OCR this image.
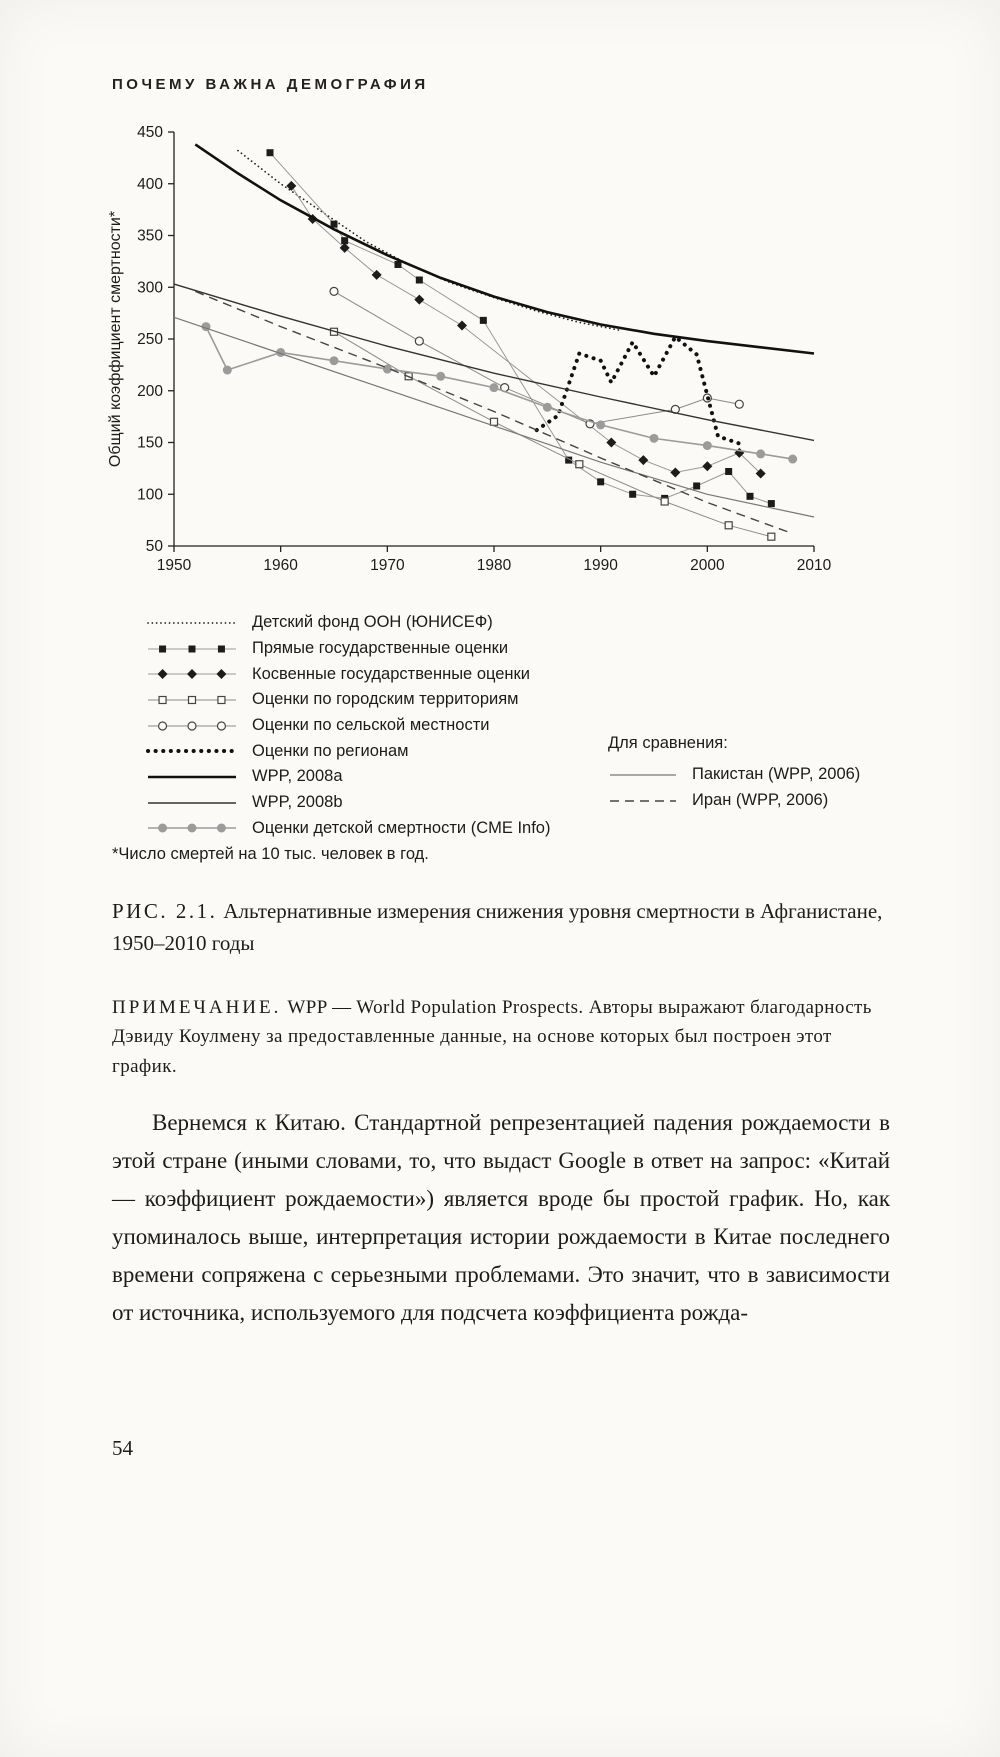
ПОЧЕМУ ВАЖНА ДЕМОГРАФИЯ
50
100
150
200
250
300
350
400
450
1950	1960	1970	1980	1990	2000	2010
Общий коэффициент смертности*
Детский фонд ООН (ЮНИСЕФ)
Прямые государственные оценки
Косвенные государственные оценки
Оценки по городским территориям
Оценки по сельской местности
Оценки по регионам
WPP, 2008a
WPP, 2008b
Оценки детской смертности (CME Info)
Для сравнения:
Пакистан (WPP, 2006)
Иран (WPP, 2006)
*Число смертей на 10 тыс. человек в год.
РИС. 2.1. Альтернативные измерения снижения уровня смертности в Афганистане, 1950–2010 годы
ПРИМЕЧАНИЕ. WPP — World Population Prospects. Авторы выражают благодарность Дэвиду Коулмену за предоставленные данные, на основе которых был построен этот график.

Вернемся к Китаю. Стандартной репрезентацией падения рождаемости в этой стране (иными словами, то, что выдаст Google в ответ на запрос: «Китай — коэффициент рождаемости») является вроде бы простой график. Но, как упоминалось выше, интерпретация истории рождаемости в Китае последнего времени сопряжена с серьезными проблемами. Это значит, что в зависимости от источника, используемого для подсчета коэффициента рожда-

54
